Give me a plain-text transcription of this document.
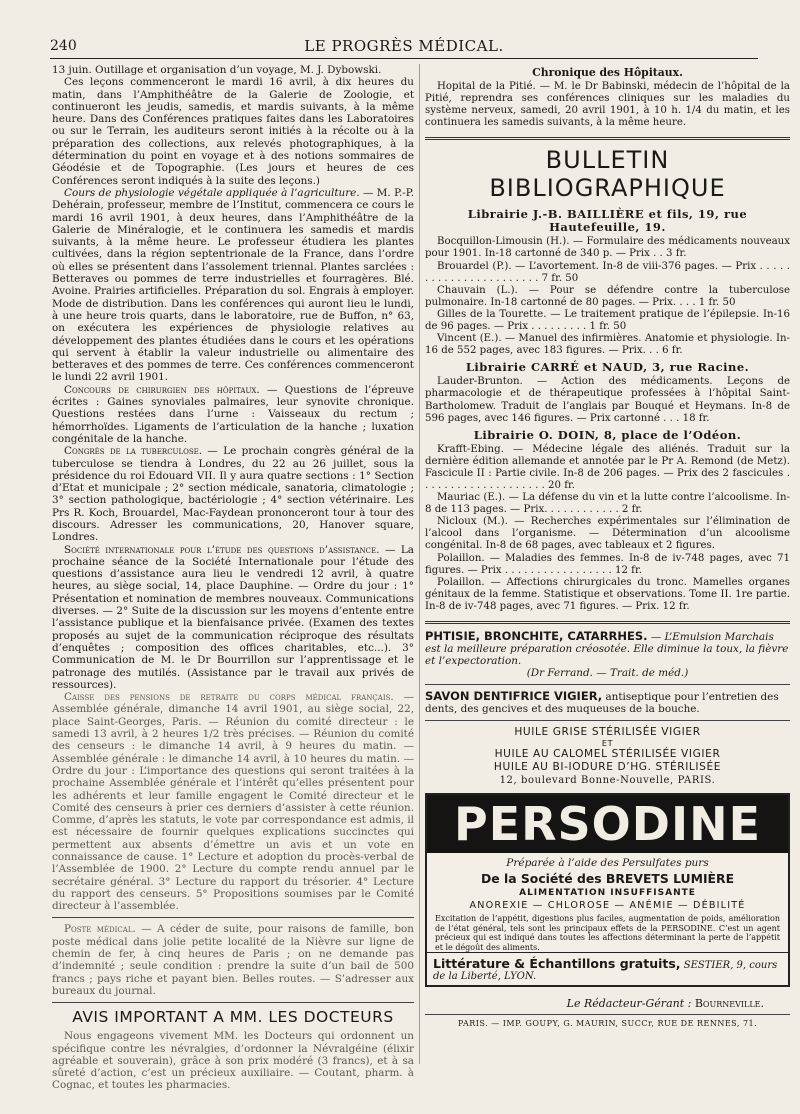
240	LE PROGRÈS MÉDICAL.

13 juin. Outillage et organisation d’un voyage, M. J. Dybowski.

Ces leçons commenceront le mardi 16 avril, à dix heures du matin, dans l’Amphithéâtre de la Galerie de Zoologie, et continueront les jeudis, samedis, et mardis suivants, à la même heure. Dans des Conférences pratiques faites dans les Laboratoires ou sur le Terrain, les auditeurs seront initiés à la récolte ou à la préparation des collections, aux relevés photographiques, à la détermination du point en voyage et à des notions sommaires de Géodésie et de Topographie. (Les jours et heures de ces Conférences seront indiqués à la suite des leçons.)

Cours de physiologie végétale appliquée à l’agriculture. — M. P.-P. Dehérain, professeur, membre de l’Institut, commencera ce cours le mardi 16 avril 1901, à deux heures, dans l’Amphithéâtre de la Galerie de Minéralogie, et le continuera les samedis et mardis suivants, à la même heure. Le professeur étudiera les plantes cultivées, dans la région septentrionale de la France, dans l’ordre où elles se présentent dans l’assolement triennal. Plantes sarclées : Betteraves ou pommes de terre industrielles et fourragères. Blé. Avoine. Prairies artificielles. Préparation du sol. Engrais à employer. Mode de distribution. Dans les conférences qui auront lieu le lundi, à une heure trois quarts, dans le laboratoire, rue de Buffon, n° 63, on exécutera les expériences de physiologie relatives au développement des plantes étudiées dans le cours et les opérations qui servent à établir la valeur industrielle ou alimentaire des betteraves et des pommes de terre. Ces conférences commenceront le lundi 22 avril 1901.

Concours de chirurgien des hôpitaux. — Questions de l’épreuve écrites : Gaines synoviales palmaires, leur synovite chronique. Questions restées dans l’urne : Vaisseaux du rectum ; hémorrhoïdes. Ligaments de l’articulation de la hanche ; luxation congénitale de la hanche.

Congrès de la tuberculose. — Le prochain congrès général de la tuberculose se tiendra à Londres, du 22 au 26 juillet, sous la présidence du roi Edouard VII. Il y aura quatre sections : 1° Section d’Etat et municipale ; 2° section médicale, sanatoria, climatologie ; 3° section pathologique, bactériologie ; 4° section vétérinaire. Les Prs R. Koch, Brouardel, Mac-Faydean prononceront tour à tour des discours. Adresser les communications, 20, Hanover square, Londres.

Société internationale pour l’étude des questions d’assistance. — La prochaine séance de la Société Internationale pour l’étude des questions d’assistance aura lieu le vendredi 12 avril, à quatre heures, au siège social, 14, place Dauphine. — Ordre du jour : 1° Présentation et nomination de membres nouveaux. Communications diverses. — 2° Suite de la discussion sur les moyens d’entente entre l’assistance publique et la bienfaisance privée. (Examen des textes proposés au sujet de la communication réciproque des résultats d’enquêtes ; composition des offices charitables, etc...). 3° Communication de M. le Dr Bourrillon sur l’apprentissage et le patronage des mutilés. (Assistance par le travail aux privés de ressources).

Caisse des pensions de retraite du corps médical français. — Assemblée générale, dimanche 14 avril 1901, au siège social, 22, place Saint-Georges, Paris. — Réunion du comité directeur : le samedi 13 avril, à 2 heures 1/2 très précises. — Réunion du comité des censeurs : le dimanche 14 avril, à 9 heures du matin. — Assemblée générale : le dimanche 14 avril, à 10 heures du matin. — Ordre du jour : L’importance des questions qui seront traitées à la prochaine Assemblée générale et l’intérêt qu’elles présentent pour les adhérents et leur famille engagent le Comité directeur et le Comité des censeurs à prier ces derniers d’assister à cette réunion. Comme, d’après les statuts, le vote par correspondance est admis, il est nécessaire de fournir quelques explications succinctes qui permettent aux absents d’émettre un avis et un vote en connaissance de cause. 1° Lecture et adoption du procès-verbal de l’Assemblée de 1900. 2° Lecture du compte rendu annuel par le secrétaire général. 3° Lecture du rapport du trésorier. 4° Lecture du rapport des censeurs. 5° Propositions soumises par le Comité directeur à l’assemblée.

Poste médical. — A céder de suite, pour raisons de famille, bon poste médical dans jolie petite localité de la Nièvre sur ligne de chemin de fer, à cinq heures de Paris ; on ne demande pas d’indemnité ; seule condition : prendre la suite d’un bail de 500 francs ; pays riche et payant bien. Belles routes. — S’adresser aux bureaux du journal.

AVIS IMPORTANT A MM. LES DOCTEURS

Nous engageons vivement MM. les Docteurs qui ordonnent un spécifique contre les névralgies, d’ordonner la Névralgéine (élixir agréable et souverain), grâce à son prix modéré (3 francs), et à sa sûreté d’action, c’est un précieux auxiliaire. — Coutant, pharm. à Cognac, et toutes les pharmacies.

Chronique des Hôpitaux.

Hopital de la Pitié. — M. le Dr Babinski, médecin de l’hôpital de la Pitié, reprendra ses conférences cliniques sur les maladies du système nerveux, samedi, 20 avril 1901, à 10 h. 1/4 du matin, et les continuera les samedis suivants, à la même heure.

BULLETIN BIBLIOGRAPHIQUE
Librairie J.-B. BAILLIÈRE et fils, 19, rue Hautefeuille, 19.

Bocquillon-Limousin (H.). — Formulaire des médicaments nouveaux pour 1901. In-18 cartonné de 340 p. — Prix . . 3 fr.

Brouardel (P.). — L’avortement. In-8 de viii-376 pages. — Prix . . . . . . . . . . . . . . . . . . . . . . . 7 fr. 50

Chauvain (L.). — Pour se défendre contre la tuberculose pulmonaire. In-18 cartonné de 80 pages. — Prix. . . . 1 fr. 50

Gilles de la Tourette. — Le traitement pratique de l’épilepsie. In-16 de 96 pages. — Prix . . . . . . . . . 1 fr. 50

Vincent (E.). — Manuel des infirmières. Anatomie et physiologie. In-16 de 552 pages, avec 183 figures. — Prix. . . 6 fr.

Librairie CARRÉ et NAUD, 3, rue Racine.

Lauder-Brunton. — Action des médicaments. Leçons de pharmacologie et de thérapeutique professées à l’hôpital Saint-Bartholomew. Traduit de l’anglais par Bouqué et Heymans. In-8 de 596 pages, avec 146 figures. — Prix cartonné . . . 18 fr.

Librairie O. DOIN, 8, place de l’Odéon.

Krafft-Ebing. — Médecine légale des aliénés. Traduit sur la dernière édition allemande et annotée par le Pr A. Remond (de Metz). Fascicule II : Partie civile. In-8 de 206 pages. — Prix des 2 fascicules . . . . . . . . . . . . . . . . . . . . 20 fr.

Mauriac (E.). — La défense du vin et la lutte contre l’alcoolisme. In-8 de 113 pages. — Prix. . . . . . . . . . . . 2 fr.

Nicloux (M.). — Recherches expérimentales sur l’élimination de l’alcool dans l’organisme. — Détermination d’un alcoolisme congénital. In-8 de 68 pages, avec tableaux et 2 figures.

Polaillon. — Maladies des femmes. In-8 de iv-748 pages, avec 71 figures. — Prix . . . . . . . . . . . . . . . . . 12 fr.

Polaillon. — Affections chirurgicales du tronc. Mamelles organes génitaux de la femme. Statistique et observations. Tome II. 1re partie. In-8 de iv-748 pages, avec 71 figures. — Prix. 12 fr.

PHTISIE, BRONCHITE, CATARRHES. — L’Emulsion Marchais est la meilleure préparation créosotée. Elle diminue la toux, la fièvre et l’expectoration.
(Dr Ferrand. — Trait. de méd.)
SAVON DENTIFRICE VIGIER, antiseptique pour l’entretien des dents, des gencives et des muqueuses de la bouche.
HUILE GRISE STÉRILISÉE VIGIER
ET
HUILE AU CALOMEL STÉRILISÉE VIGIER
HUILE AU BI-IODURE D’HG. STÉRILISÉE
12, boulevard Bonne-Nouvelle, PARIS.
PERSODINE
Préparée à l’aide des Persulfates purs
De la Société des BREVETS LUMIÈRE
ALIMENTATION INSUFFISANTE
ANOREXIE — CHLOROSE — ANÉMIE — DÉBILITÉ

Excitation de l’appétit, digestions plus faciles, augmentation de poids, amélioration de l’état général, tels sont les principaux effets de la PERSODINE. C’est un agent précieux qui est indiqué dans toutes les affections déterminant la perte de l’appétit et le dégoût des aliments.

Littérature & Échantillons gratuits, SESTIER, 9, cours de la Liberté, LYON.
Le Rédacteur-Gérant : Bourneville.
PARIS. — IMP. GOUPY, G. MAURIN, SUCCr, RUE DE RENNES, 71.
